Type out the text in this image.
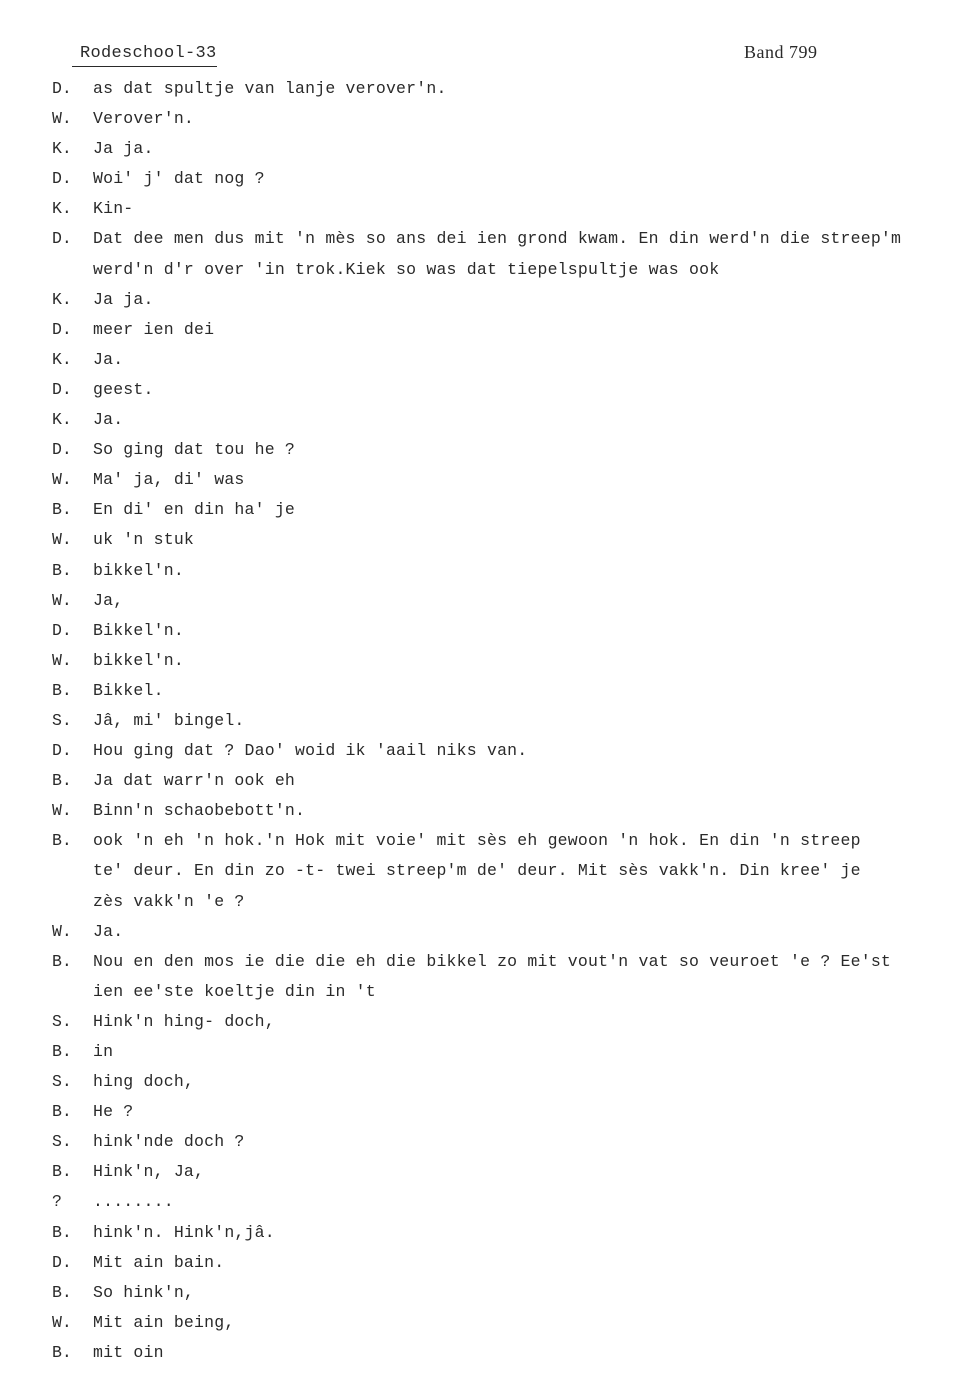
Rodeschool-33	Band 799
D.	as dat spultje van lanje verover'n.
W.	Verover'n.
K.	Ja ja.
D.	Woi' j' dat nog ?
K.	Kin-
D.	Dat dee men dus mit 'n mès so ans dei ien grond kwam. En din werd'n die streep'm
werd'n d'r over 'in trok.Kiek so was dat tiepelspultje was ook
K.	Ja ja.
D.	meer ien dei
K.	Ja.
D.	geest.
K.	Ja.
D.	So ging dat tou he ?
W.	Ma' ja, di' was
B.	En di' en din ha' je
W.	uk 'n stuk
B.	bikkel'n.
W.	Ja,
D.	Bikkel'n.
W.	bikkel'n.
B.	Bikkel.
S.	Jâ, mi' bingel.
D.	Hou ging dat ? Dao' woid ik 'aail niks van.
B.	Ja dat warr'n ook eh
W.	Binn'n schaobebott'n.
B.	ook 'n eh 'n hok.'n Hok mit voie' mit sès eh gewoon 'n hok. En din 'n streep
te' deur. En din zo -t- twei streep'm de' deur. Mit sès vakk'n. Din kree' je
zès vakk'n 'e ?
W.	Ja.
B.	Nou en den mos ie die die eh die bikkel zo mit vout'n vat so veuroet 'e ? Ee'st
ien ee'ste koeltje din in 't
S.	Hink'n hing- doch,
B.	in
S.	hing doch,
B.	He ?
S.	hink'nde doch ?
B.	Hink'n, Ja,
?	........
B.	hink'n. Hink'n,jâ.
D.	Mit ain bain.
B.	So hink'n,
W.	Mit ain being,
B.	mit oin
